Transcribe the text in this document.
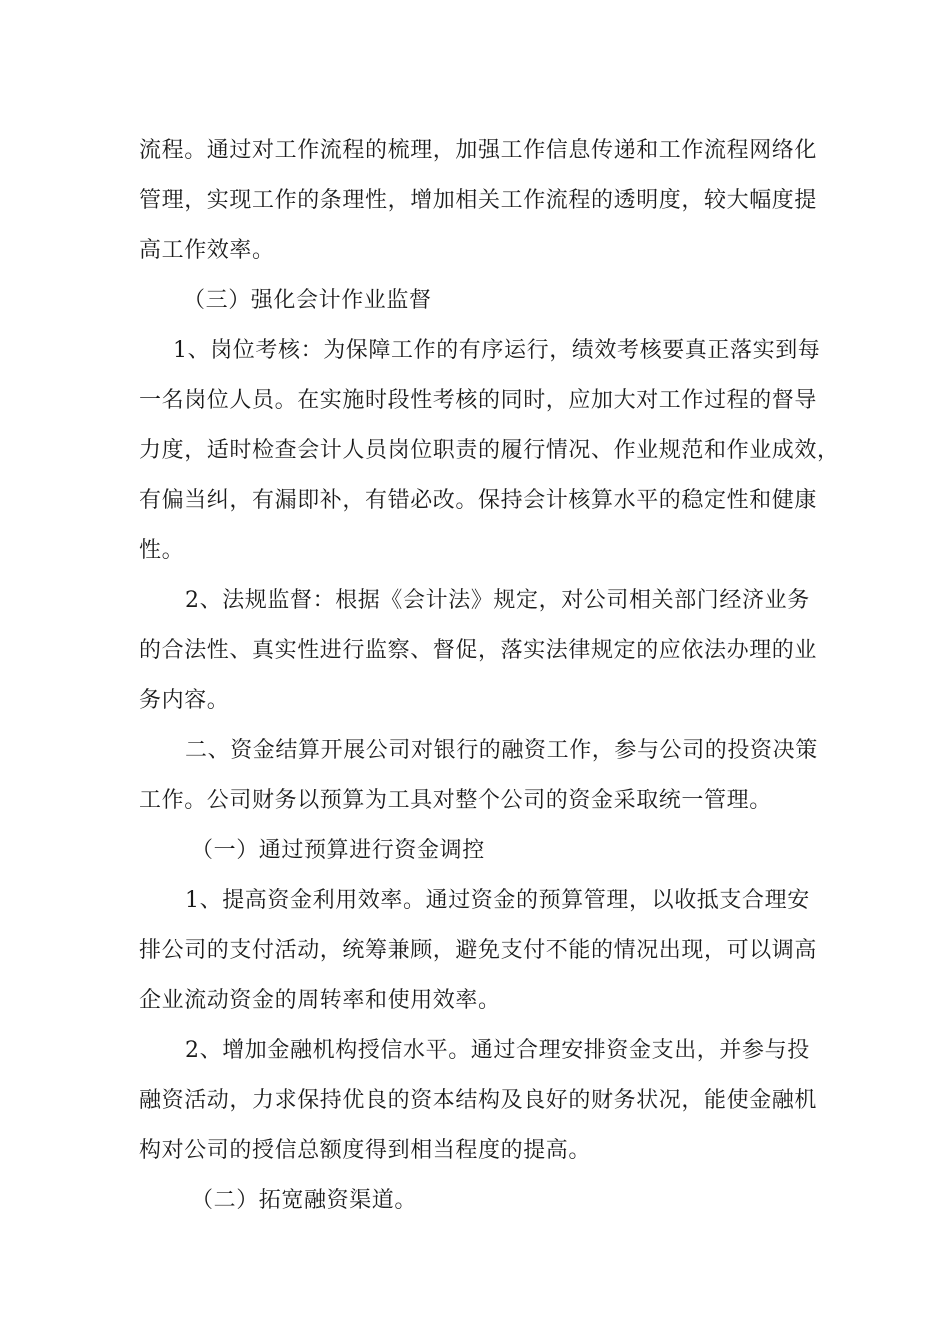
流程。通过对工作流程的梳理，加强工作信息传递和工作流程网络化
管理，实现工作的条理性，增加相关工作流程的透明度，较大幅度提
高工作效率。

（三）强化会计作业监督

1、岗位考核：为保障工作的有序运行，绩效考核要真正落实到每
一名岗位人员。在实施时段性考核的同时，应加大对工作过程的督导
力度，适时检查会计人员岗位职责的履行情况、作业规范和作业成效，
有偏当纠，有漏即补，有错必改。保持会计核算水平的稳定性和健康
性。

2、法规监督：根据《会计法》规定，对公司相关部门经济业务
的合法性、真实性进行监察、督促，落实法律规定的应依法办理的业
务内容。

二、资金结算开展公司对银行的融资工作，参与公司的投资决策
工作。公司财务以预算为工具对整个公司的资金采取统一管理。

（一）通过预算进行资金调控

1、提高资金利用效率。通过资金的预算管理，以收抵支合理安
排公司的支付活动，统筹兼顾，避免支付不能的情况出现，可以调高
企业流动资金的周转率和使用效率。

2、增加金融机构授信水平。通过合理安排资金支出，并参与投
融资活动，力求保持优良的资本结构及良好的财务状况，能使金融机
构对公司的授信总额度得到相当程度的提高。

（二）拓宽融资渠道。
